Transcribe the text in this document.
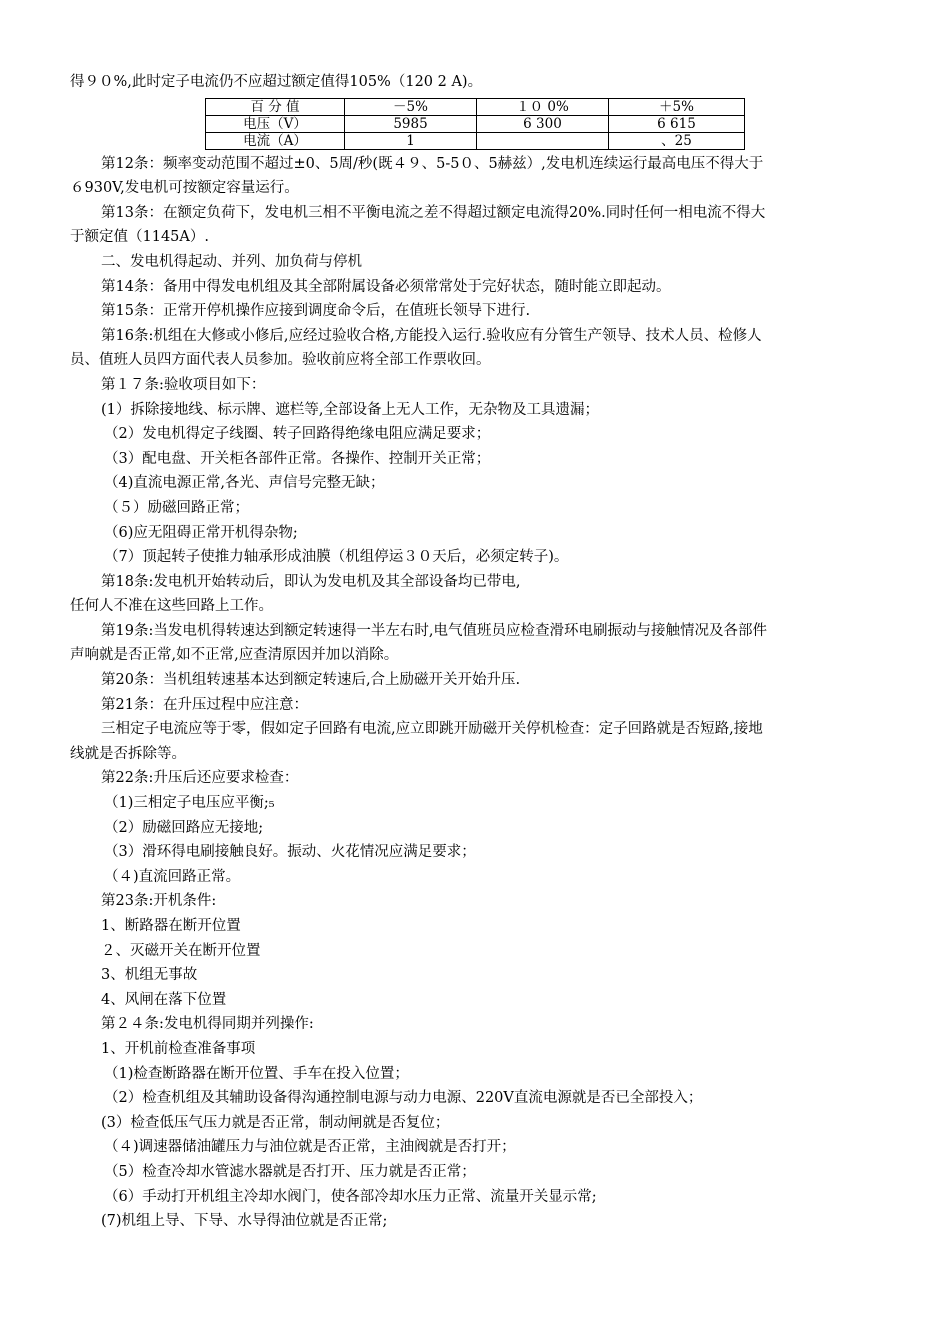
得９０%,此时定子电流仍不应超过额定值得105%（120 2 A)。
百 分 值	－5%	１０ 0%	＋5%
电压（V）	5985	6 300	6 615
电流（A）	1		、25
第12条：频率变动范围不超过±0、5周/秒(既４９、5-5０、5赫兹）,发电机连续运行最高电压不得大于
６930V,发电机可按额定容量运行。
第13条：在额定负荷下，发电机三相不平衡电流之差不得超过额定电流得20%.同时任何一相电流不得大
于额定值（1145A）.
二、发电机得起动、并列、加负荷与停机
第14条：备用中得发电机组及其全部附属设备必须常常处于完好状态，随时能立即起动。
第15条：正常开停机操作应接到调度命令后，在值班长领导下进行.
第16条:机组在大修或小修后,应经过验收合格,方能投入运行.验收应有分管生产领导、技术人员、检修人
员、值班人员四方面代表人员参加。验收前应将全部工作票收回。
第１７条:验收项目如下：
(1）拆除接地线、标示牌、遮栏等,全部设备上无人工作，无杂物及工具遗漏；
（2）发电机得定子线圈、转子回路得绝缘电阻应满足要求；
（3）配电盘、开关柜各部件正常。各操作、控制开关正常；
（4)直流电源正常,各光、声信号完整无缺；
（５）励磁回路正常；
（6)应无阻碍正常开机得杂物;
（7）顶起转子使推力轴承形成油膜（机组停运３０天后，必须定转子)。
第18条:发电机开始转动后，即认为发电机及其全部设备均已带电,
任何人不准在这些回路上工作。
第19条:当发电机得转速达到额定转速得一半左右时,电气值班员应检查滑环电刷振动与接触情况及各部件
声响就是否正常,如不正常,应查清原因并加以消除。
第20条：当机组转速基本达到额定转速后,合上励磁开关开始升压.
第21条：在升压过程中应注意：
三相定子电流应等于零，假如定子回路有电流,应立即跳开励磁开关停机检查：定子回路就是否短路,接地
线就是否拆除等。
第22条:升压后还应要求检查：
（1)三相定子电压应平衡;₅
（2）励磁回路应无接地;
（3）滑环得电刷接触良好。振动、火花情况应满足要求；
（４)直流回路正常。
第23条:开机条件:
1、断路器在断开位置
２、灭磁开关在断开位置
3、机组无事故
4、风闸在落下位置
第２４条:发电机得同期并列操作:
1、开机前检查准备事项
（1)检查断路器在断开位置、手车在投入位置；
（2）检查机组及其辅助设备得沟通控制电源与动力电源、220V直流电源就是否已全部投入；
(3）检查低压气压力就是否正常，制动闸就是否复位；
（４)调速器储油罐压力与油位就是否正常，主油阀就是否打开；
（5）检查冷却水管滤水器就是否打开、压力就是否正常；
（6）手动打开机组主冷却水阀门，使各部冷却水压力正常、流量开关显示常;
(7)机组上导、下导、水导得油位就是否正常;
